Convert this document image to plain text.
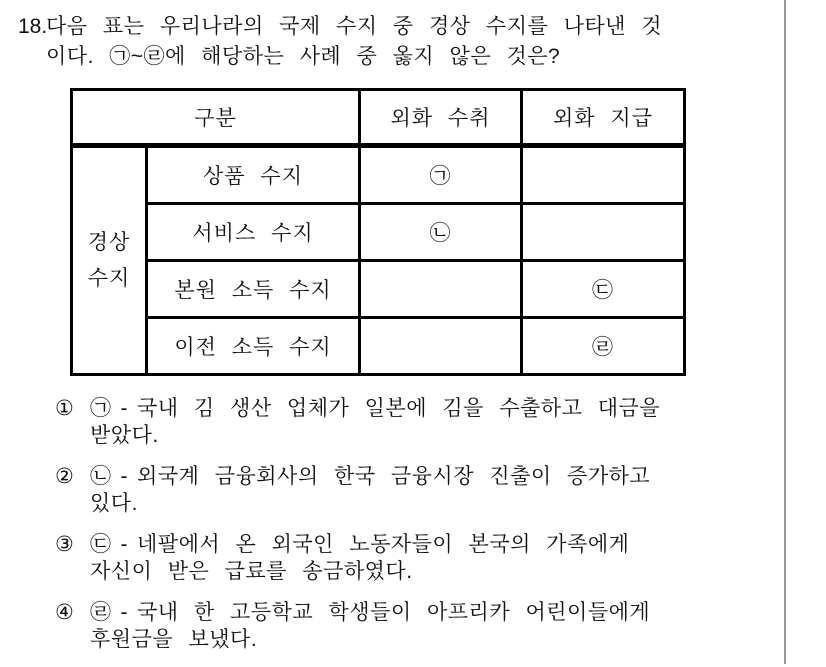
18.
다음 표는 우리나라의 국제 수지 중 경상 수지를 나타낸 것
이다. ㉠~㉣에 해당하는 사례 중 옳지 않은 것은?
구분		외화 수취	외화 지급

경상
수지	상품 수지	㉠	
	서비스 수지	㉡	
	본원 소득 수지		㉢
	이전 소득 수지		㉣
① ㉠ - 국내 김 생산 업체가 일본에 김을 수출하고 대금을
받았다.
② ㉡ - 외국계 금융회사의 한국 금융시장 진출이 증가하고
있다.
③ ㉢ - 네팔에서 온 외국인 노동자들이 본국의 가족에게
자신이 받은 급료를 송금하였다.
④ ㉣ - 국내 한 고등학교 학생들이 아프리카 어린이들에게
후원금을 보냈다.
